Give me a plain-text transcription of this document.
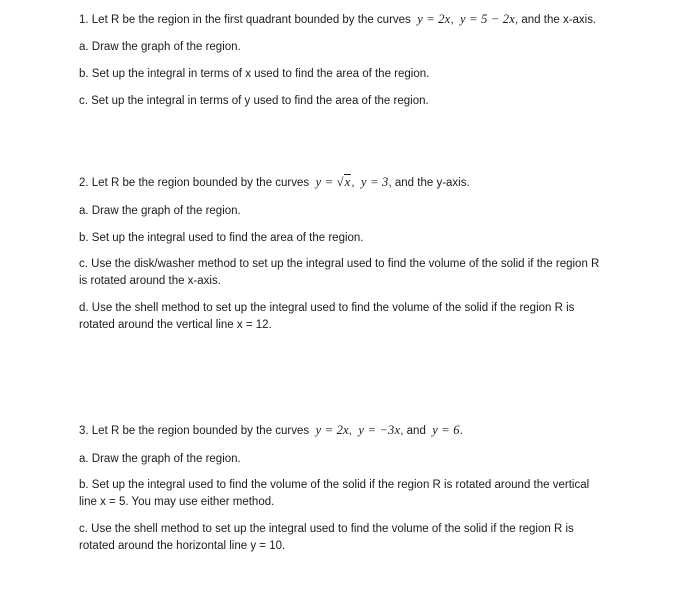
1. Let R be the region in the first quadrant bounded by the curves y = 2x,  y = 5 − 2x, and the x-axis.
a. Draw the graph of the region.
b. Set up the integral in terms of x used to find the area of the region.
c. Set up the integral in terms of y used to find the area of the region.
2. Let R be the region bounded by the curves y = √x,  y = 3, and the y-axis.
a. Draw the graph of the region.
b. Set up the integral used to find the area of the region.
c. Use the disk/washer method to set up the integral used to find the volume of the solid if the region R
is rotated around the x-axis.
d. Use the shell method to set up the integral used to find the volume of the solid if the region R is
rotated around the vertical line x = 12.
3. Let R be the region bounded by the curves y = 2x,  y = −3x, and y = 6.
a. Draw the graph of the region.
b. Set up the integral used to find the volume of the solid if the region R is rotated around the vertical
line x = 5. You may use either method.
c. Use the shell method to set up the integral used to find the volume of the solid if the region R is
rotated around the horizontal line y = 10.
